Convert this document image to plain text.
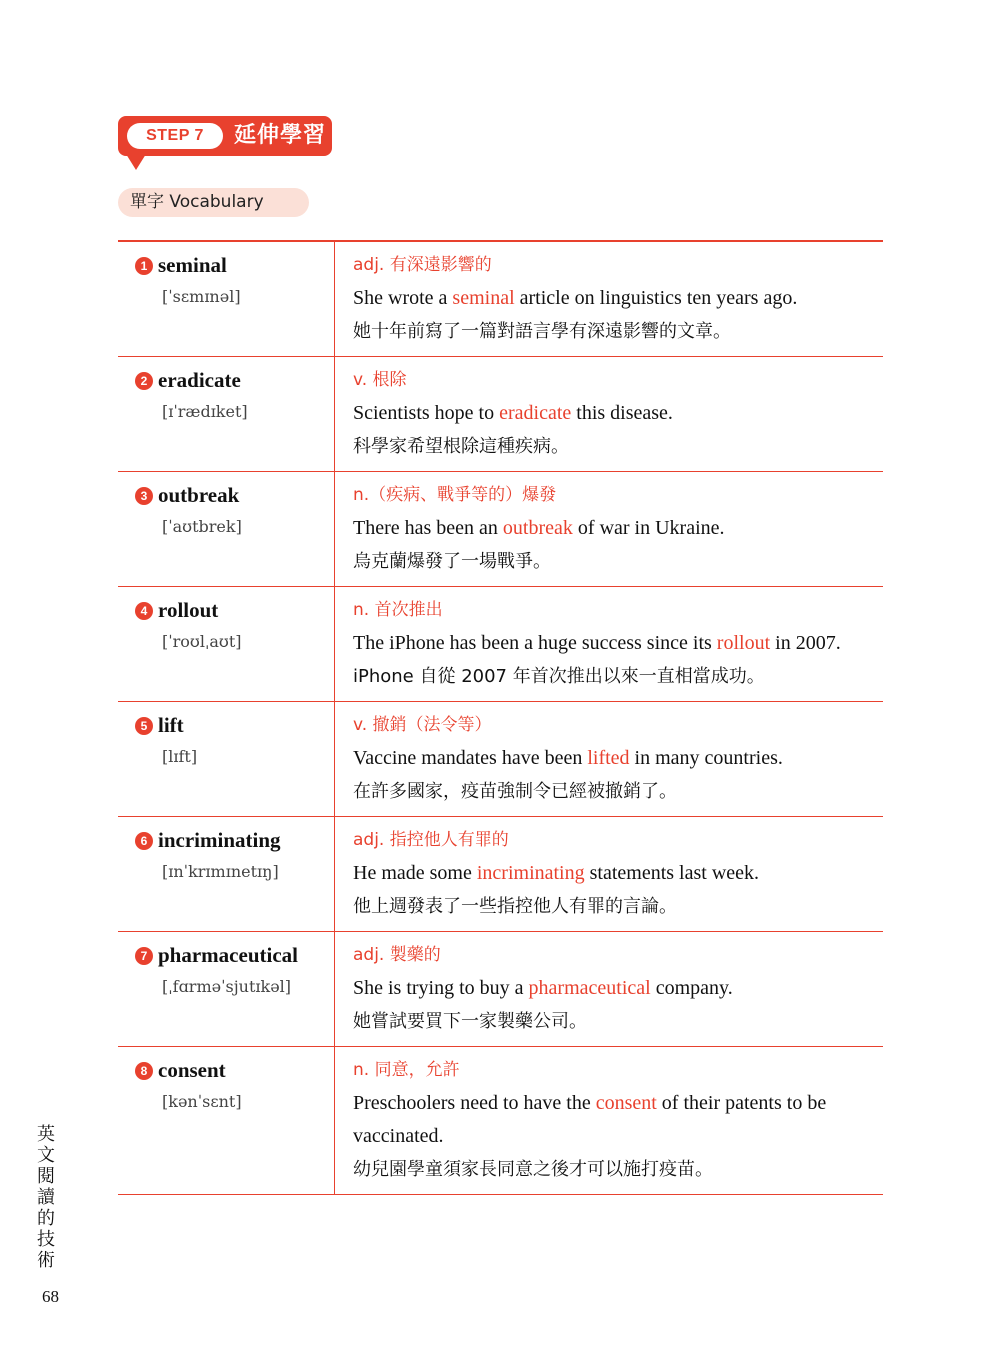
STEP 7	延伸學習
單字 Vocabulary
1 seminal
[ˈsɛmɪnəl]
adj. 有深遠影響的
She wrote a seminal article on linguistics ten years ago.
她十年前寫了一篇對語言學有深遠影響的文章。
2 eradicate
[ɪˈrædɪket]
v. 根除
Scientists hope to eradicate this disease.
科學家希望根除這種疾病。
3 outbreak
[ˈaʊtbrek]
n.（疾病、戰爭等的）爆發
There has been an outbreak of war in Ukraine.
烏克蘭爆發了一場戰爭。
4 rollout
[ˈroʊlˌaʊt]
n. 首次推出
The iPhone has been a huge success since its rollout in 2007.
iPhone 自從 2007 年首次推出以來一直相當成功。
5 lift
[lɪft]
v. 撤銷（法令等）
Vaccine mandates have been lifted in many countries.
在許多國家，疫苗強制令已經被撤銷了。
6 incriminating
[ɪnˈkrɪmɪnetɪŋ]
adj. 指控他人有罪的
He made some incriminating statements last week.
他上週發表了一些指控他人有罪的言論。
7 pharmaceutical
[ˌfɑrməˈsjutɪkəl]
adj. 製藥的
She is trying to buy a pharmaceutical company.
她嘗試要買下一家製藥公司。
8 consent
[kənˈsɛnt]
n. 同意，允許
Preschoolers need to have the consent of their patents to be vaccinated.
幼兒園學童須家長同意之後才可以施打疫苗。
英文閱讀的技術
68
